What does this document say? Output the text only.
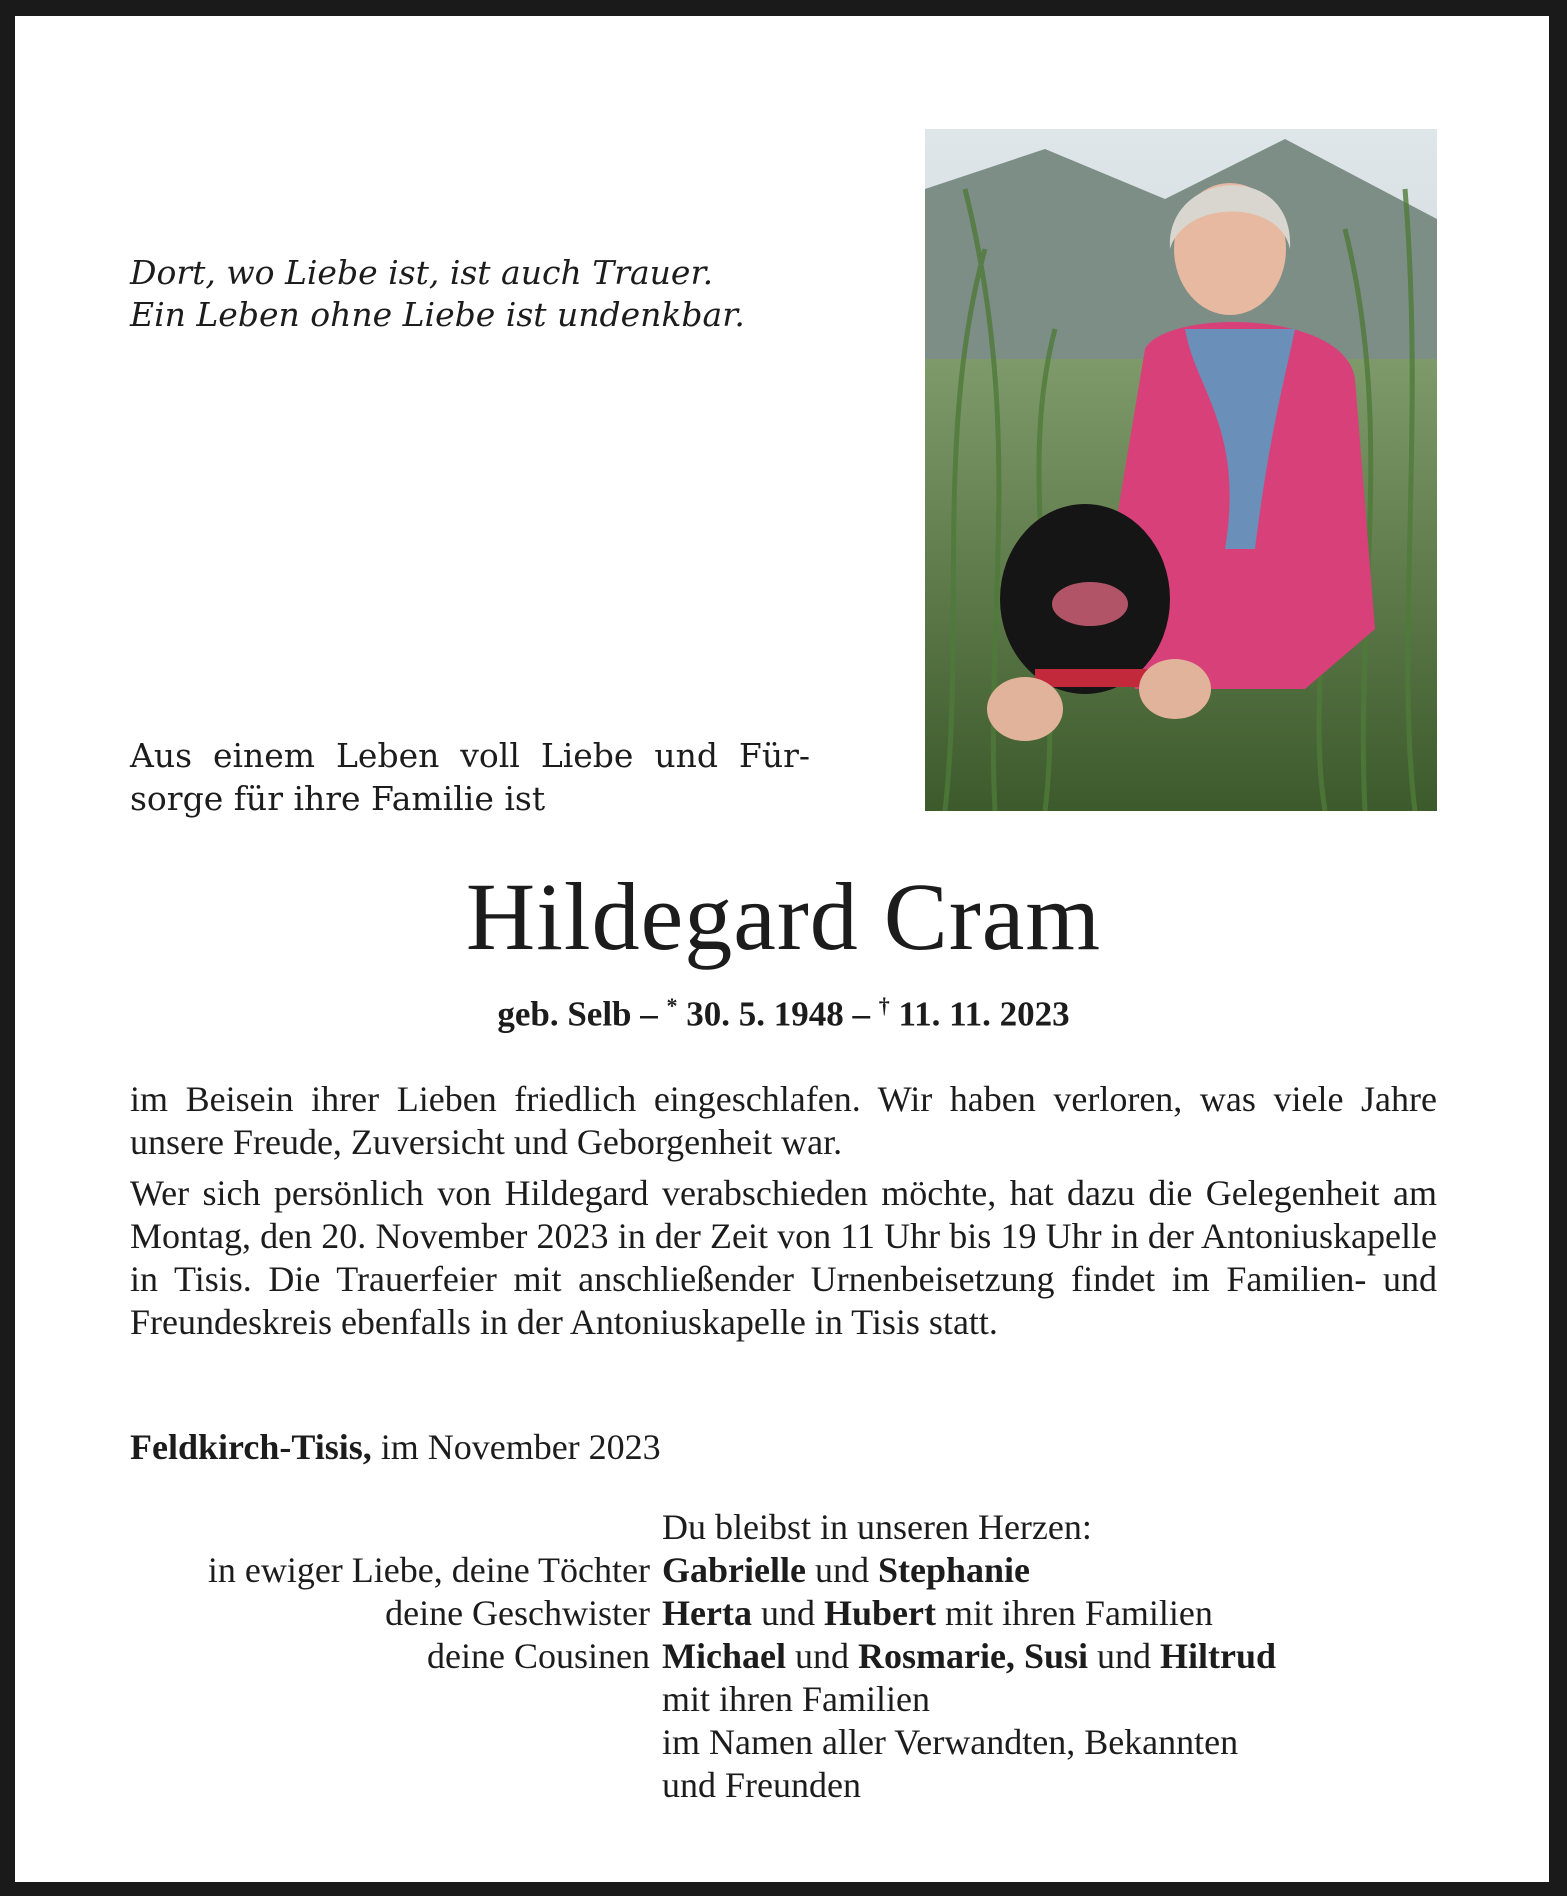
Dort, wo Liebe ist, ist auch Trauer.
Ein Leben ohne Liebe ist undenkbar.
Aus einem Leben voll Liebe und Für-
sorge für ihre Familie ist
Hildegard Cram
geb. Selb – * 30. 5. 1948 – † 11. 11. 2023
im Beisein ihrer Lieben friedlich eingeschlafen. Wir haben verloren, was viele Jahre unsere Freude, Zuversicht und Geborgenheit war.
Wer sich persönlich von Hildegard verabschieden möchte, hat dazu die Gelegenheit am Montag, den 20. November 2023 in der Zeit von 11 Uhr bis 19 Uhr in der Antoniuskapelle in Tisis. Die Trauerfeier mit anschließender Urnenbeisetzung findet im Familien- und Freundeskreis ebenfalls in der Antoniuskapelle in Tisis statt.
Feldkirch-Tisis, im November 2023
Du bleibst in unseren Herzen:
in ewiger Liebe, deine Töchter Gabrielle und Stephanie
deine Geschwister Herta und Hubert mit ihren Familien
deine Cousinen Michael und Rosmarie, Susi und Hiltrud
mit ihren Familien
im Namen aller Verwandten, Bekannten
und Freunden
